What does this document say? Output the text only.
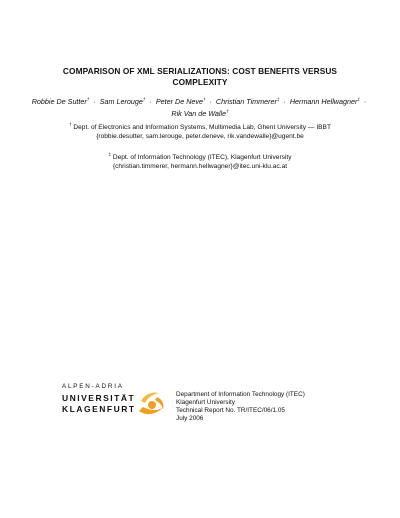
COMPARISON OF XML SERIALIZATIONS: COST BENEFITS VERSUS COMPLEXITY
Robbie De Sutter† · Sam Lerouge† · Peter De Neve† · Christian Timmerer‡ · Hermann Hellwagner‡ · Rik Van de Walle†
† Dept. of Electronics and Information Systems, Multimedia Lab, Ghent University — IBBT
{robbie.desutter, sam.lerouge, peter.deneve, rik.vandewalle}@ugent.be
‡ Dept. of Information Technology (ITEC), Klagenfurt University
{christian.timmerer, hermann.hellwagner}@itec.uni-klu.ac.at
ALPEN-ADRIA
UNIVERSITÄT
KLAGENFURT
Department of Information Technology (ITEC)
Klagenfurt University
Technical Report No. TR/ITEC/06/1.05
July 2006
